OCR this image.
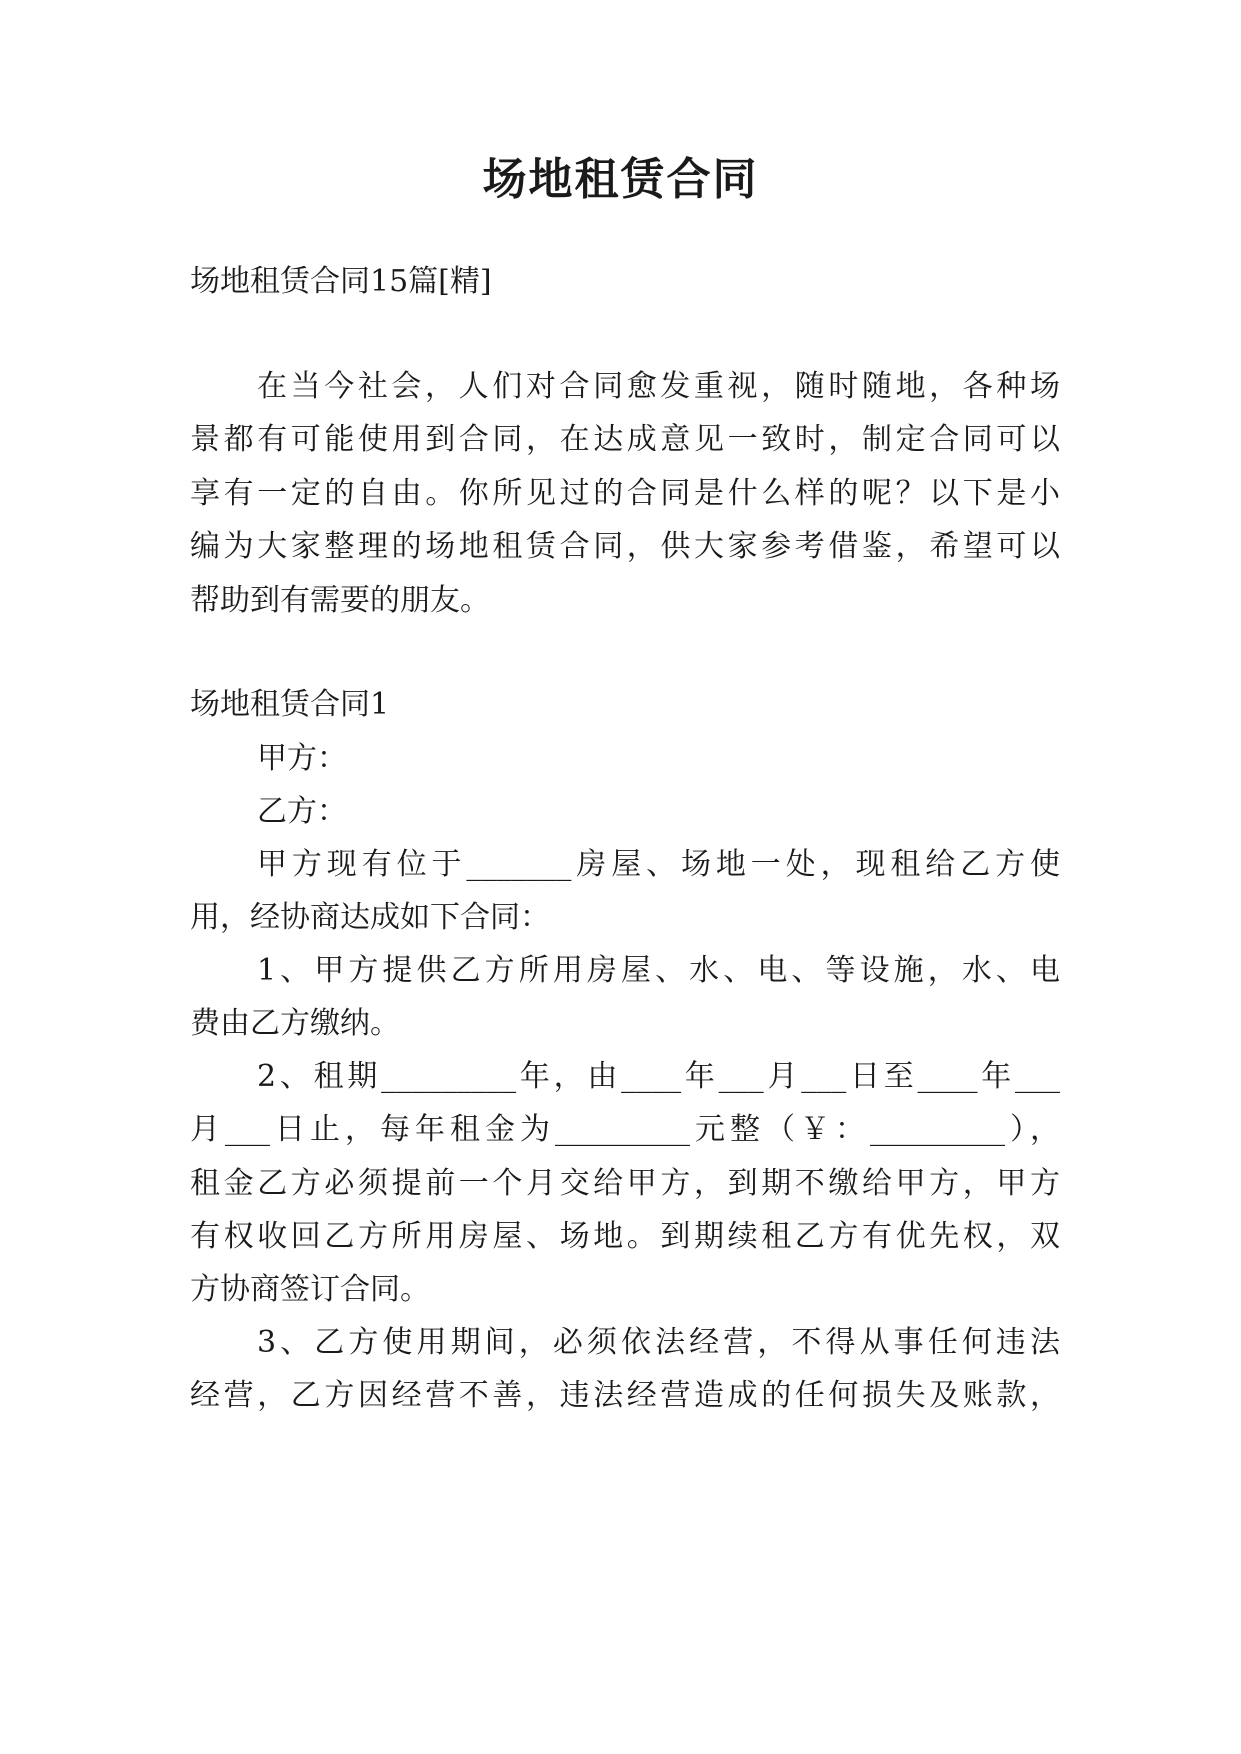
场地租赁合同

场地租赁合同15篇[精]

在当今社会，人们对合同愈发重视，随时随地，各种场

景都有可能使用到合同，在达成意见一致时，制定合同可以

享有一定的自由。你所见过的合同是什么样的呢？以下是小

编为大家整理的场地租赁合同，供大家参考借鉴，希望可以

帮助到有需要的朋友。

场地租赁合同1

甲方：

乙方：

甲方现有位于_______房屋、场地一处，现租给乙方使

用，经协商达成如下合同：

1、甲方提供乙方所用房屋、水、电、等设施，水、电

费由乙方缴纳。

2、租期_________年，由____年___月___日至____年___

月___日止，每年租金为_________元整（￥：_________），

租金乙方必须提前一个月交给甲方，到期不缴给甲方，甲方

有权收回乙方所用房屋、场地。到期续租乙方有优先权，双

方协商签订合同。

3、乙方使用期间，必须依法经营，不得从事任何违法

经营，乙方因经营不善，违法经营造成的任何损失及账款，
